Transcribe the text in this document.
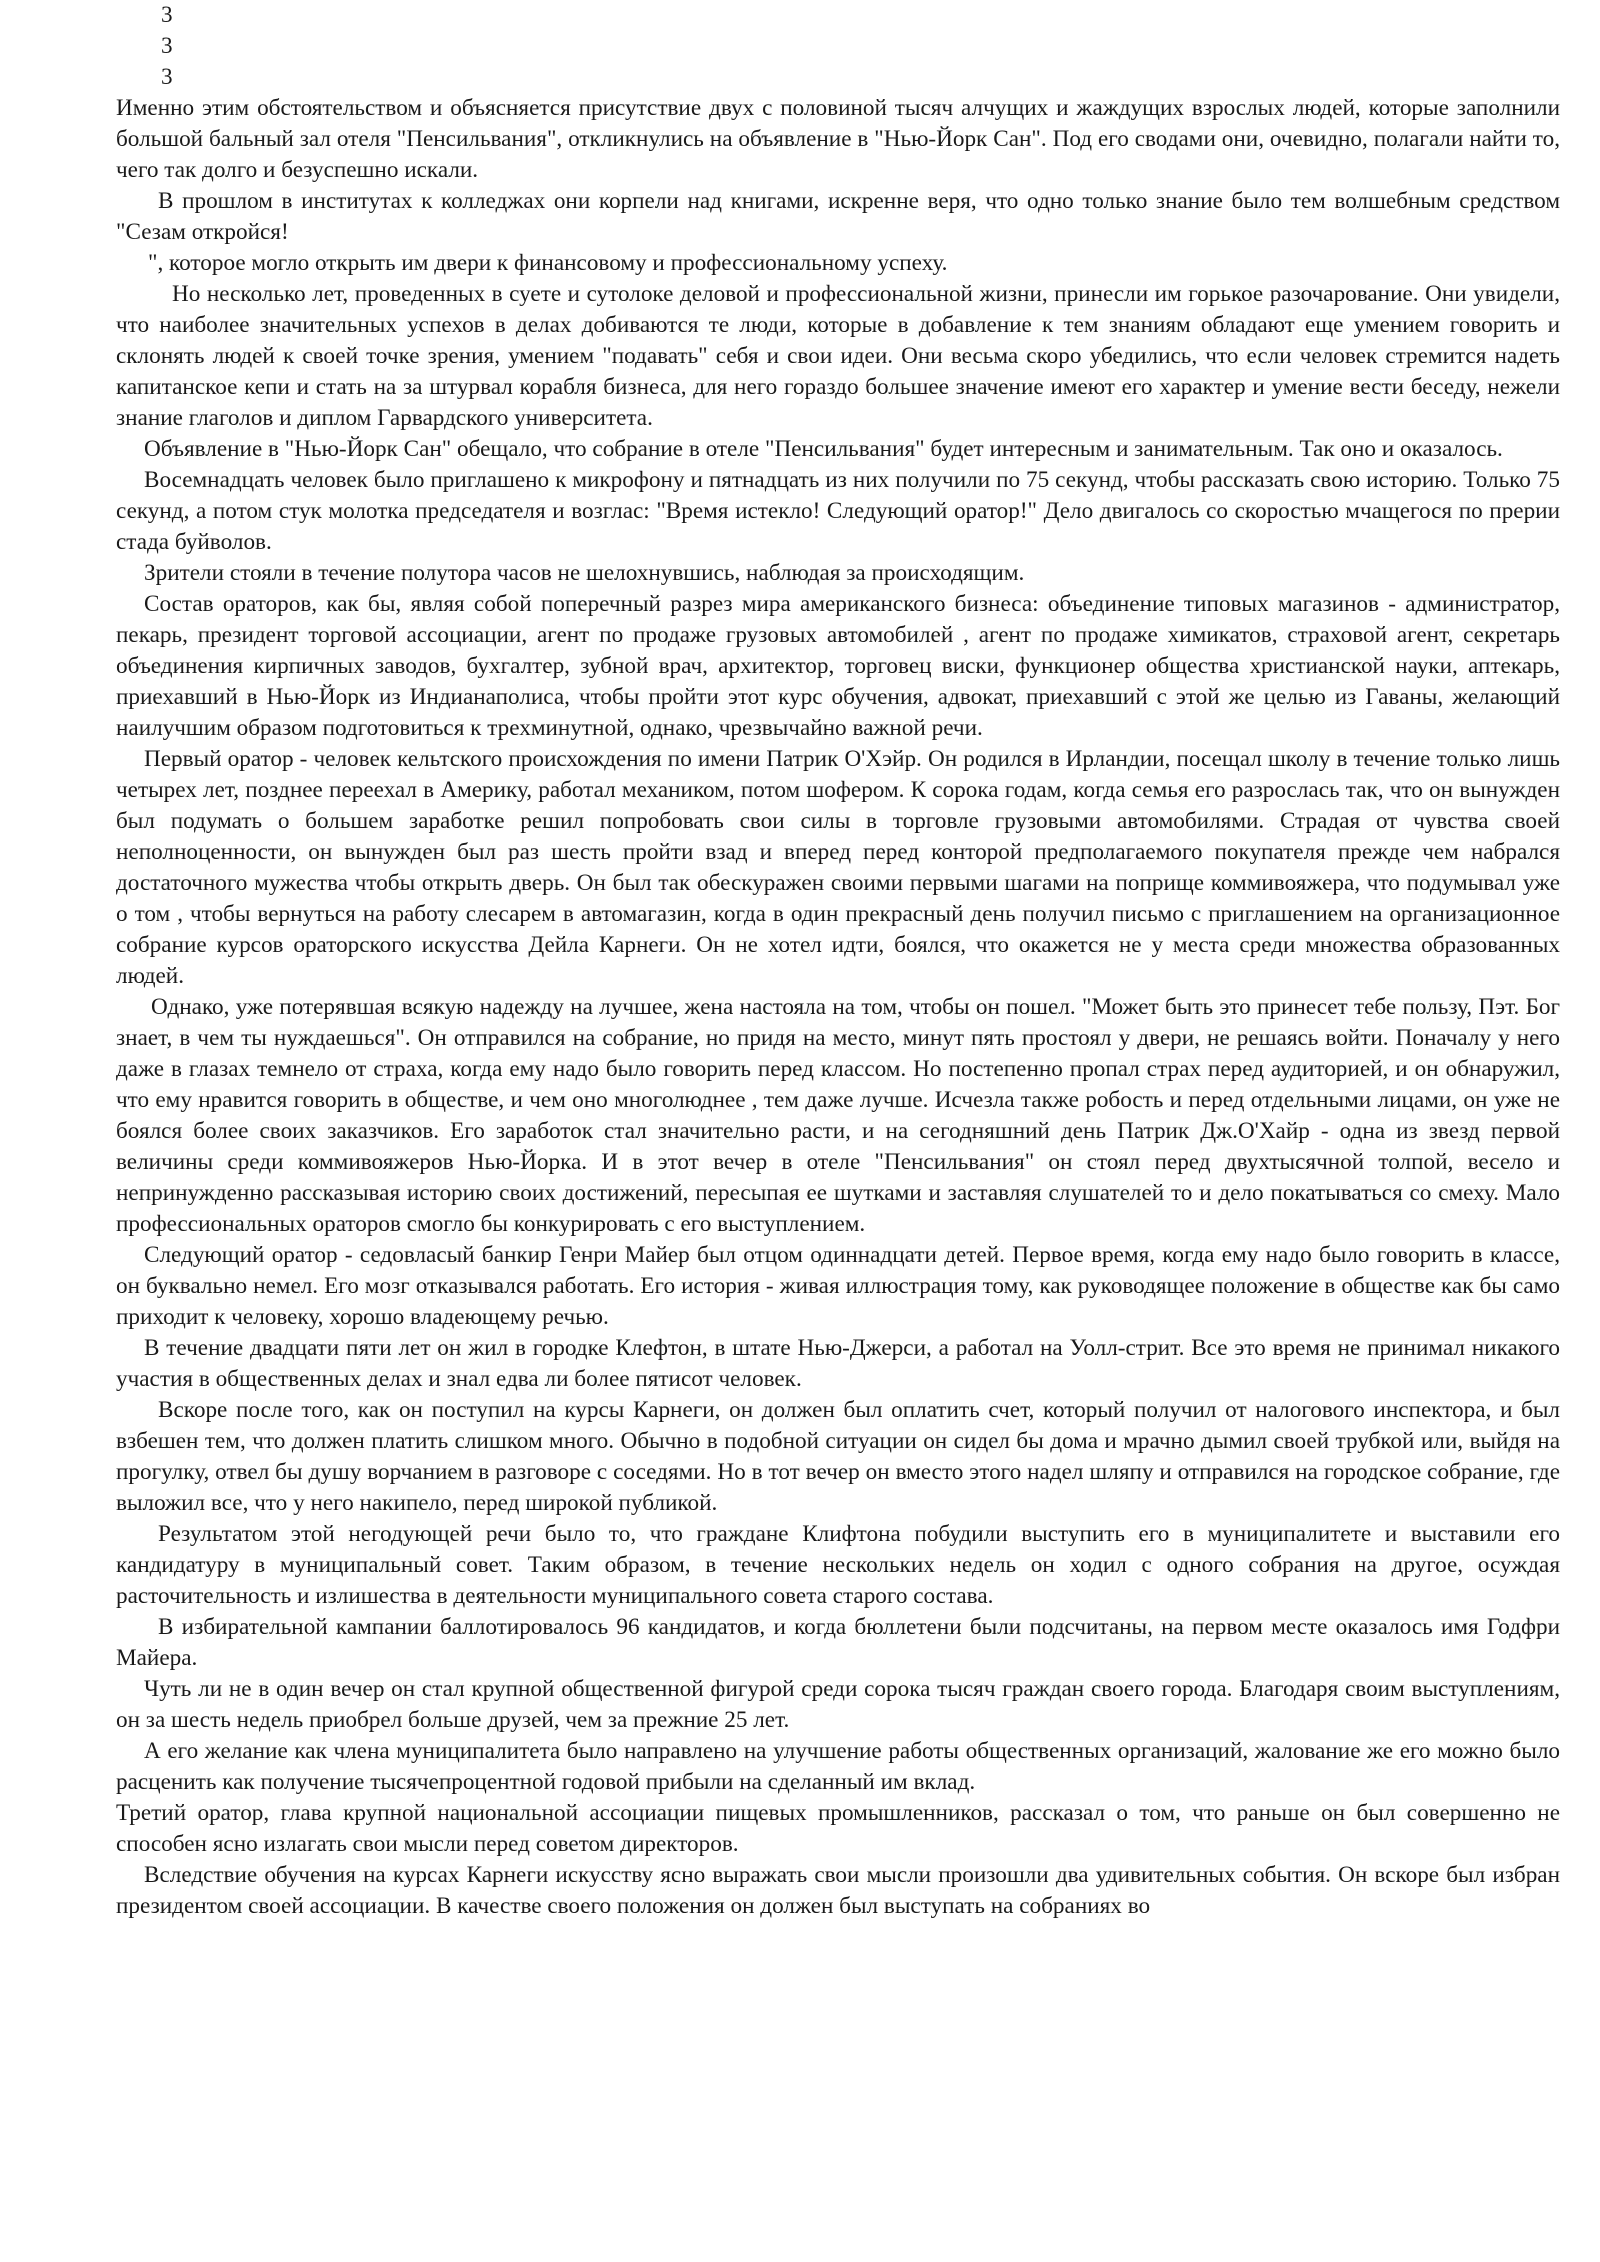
3
3
3

Именно этим обстоятельством и объясняется присутствие двух с половиной тысяч алчущих и жаждущих взрослых людей, которые заполнили большой бальный зал отеля "Пенсильвания", откликнулись на объявление в "Нью-Йорк Сан". Под его сводами они, очевидно, полагали найти то, чего так долго и безуспешно искали.

В прошлом в институтах к колледжах они корпели над книгами, искренне веря, что одно только знание было тем волшебным средством "Сезам откройся!

", которое могло открыть им двери к финансовому и профессиональному успеху.

Но несколько лет, проведенных в суете и сутолоке деловой и профессиональной жизни, принесли им горькое разочарование. Они увидели, что наиболее значительных успехов в делах добиваются те люди, которые в добавление к тем знаниям обладают еще умением говорить и склонять людей к своей точке зрения, умением "подавать" себя и свои идеи. Они весьма скоро убедились, что если человек стремится надеть капитанское кепи и стать на за штурвал корабля бизнеса, для него гораздо большее значение имеют его характер и умение вести беседу, нежели знание глаголов и диплом Гарвардского университета.

Объявление в "Нью-Йорк Сан" обещало, что собрание в отеле "Пенсильвания" будет интересным и занимательным. Так оно и оказалось.

Восемнадцать человек было приглашено к микрофону и пятнадцать из них получили по 75 секунд, чтобы рассказать свою историю. Только 75 секунд, а потом стук молотка председателя и возглас: "Время истекло! Следующий оратор!" Дело двигалось со скоростью мчащегося по прерии стада буйволов.

Зрители стояли в течение полутора часов не шелохнувшись, наблюдая за происходящим.

Состав ораторов, как бы, являя собой поперечный разрез мира американского бизнеса: объединение типовых магазинов - администратор, пекарь, президент торговой ассоциации, агент по продаже грузовых автомобилей , агент по продаже химикатов, страховой агент, секретарь объединения кирпичных заводов, бухгалтер, зубной врач, архитектор, торговец виски, функционер общества христианской науки, аптекарь, приехавший в Нью-Йорк из Индианаполиса, чтобы пройти этот курс обучения, адвокат, приехавший с этой же целью из Гаваны, желающий наилучшим образом подготовиться к трехминутной, однако, чрезвычайно важной речи.

Первый оратор - человек кельтского происхождения по имени Патрик О'Хэйр. Он родился в Ирландии, посещал школу в течение только лишь четырех лет, позднее переехал в Америку, работал механиком, потом шофером. К сорока годам, когда семья его разрослась так, что он вынужден был подумать о большем заработке решил попробовать свои силы в торговле грузовыми автомобилями. Страдая от чувства своей неполноценности, он вынужден был раз шесть пройти взад и вперед перед конторой предполагаемого покупателя прежде чем набрался достаточного мужества чтобы открыть дверь. Он был так обескуражен своими первыми шагами на поприще коммивояжера, что подумывал уже о том , чтобы вернуться на работу слесарем в автомагазин, когда в один прекрасный день получил письмо с приглашением на организационное собрание курсов ораторского искусства Дейла Карнеги. Он не хотел идти, боялся, что окажется не у места среди множества образованных людей.

Однако, уже потерявшая всякую надежду на лучшее, жена настояла на том, чтобы он пошел. "Может быть это принесет тебе пользу, Пэт. Бог знает, в чем ты нуждаешься". Он отправился на собрание, но придя на место, минут пять простоял у двери, не решаясь войти. Поначалу у него даже в глазах темнело от страха, когда ему надо было говорить перед классом. Но постепенно пропал страх перед аудиторией, и он обнаружил, что ему нравится говорить в обществе, и чем оно многолюднее , тем даже лучше. Исчезла также робость и перед отдельными лицами, он уже не боялся более своих заказчиков. Его заработок стал значительно расти, и на сегодняшний день Патрик Дж.О'Хайр - одна из звезд первой величины среди коммивояжеров Нью-Йорка. И в этот вечер в отеле "Пенсильвания" он стоял перед двухтысячной толпой, весело и непринужденно рассказывая историю своих достижений, пересыпая ее шутками и заставляя слушателей то и дело покатываться со смеху. Мало профессиональных ораторов смогло бы конкурировать с его выступлением.

Следующий оратор - седовласый банкир Генри Майер был отцом одиннадцати детей. Первое время, когда ему надо было говорить в классе, он буквально немел. Его мозг отказывался работать. Его история - живая иллюстрация тому, как руководящее положение в обществе как бы само приходит к человеку, хорошо владеющему речью.

В течение двадцати пяти лет он жил в городке Клефтон, в штате Нью-Джерси, а работал на Уолл-стрит. Все это время не принимал никакого участия в общественных делах и знал едва ли более пятисот человек.

Вскоре после того, как он поступил на курсы Карнеги, он должен был оплатить счет, который получил от налогового инспектора, и был взбешен тем, что должен платить слишком много. Обычно в подобной ситуации он сидел бы дома и мрачно дымил своей трубкой или, выйдя на прогулку, отвел бы душу ворчанием в разговоре с соседями. Но в тот вечер он вместо этого надел шляпу и отправился на городское собрание, где выложил все, что у него накипело, перед широкой публикой.

Результатом этой негодующей речи было то, что граждане Клифтона побудили выступить его в муниципалитете и выставили его кандидатуру в муниципальный совет. Таким образом, в течение нескольких недель он ходил с одного собрания на другое, осуждая расточительность и излишества в деятельности муниципального совета старого состава.

В избирательной кампании баллотировалось 96 кандидатов, и когда бюллетени были подсчитаны, на первом месте оказалось имя Годфри Майера.

Чуть ли не в один вечер он стал крупной общественной фигурой среди сорока тысяч граждан своего города. Благодаря своим выступлениям, он за шесть недель приобрел больше друзей, чем за прежние 25 лет.

А его желание как члена муниципалитета было направлено на улучшение работы общественных организаций, жалование же его можно было расценить как получение тысячепроцентной годовой прибыли на сделанный им вклад.

Третий оратор, глава крупной национальной ассоциации пищевых промышленников, рассказал о том, что раньше он был совершенно не способен ясно излагать свои мысли перед советом директоров.

Вследствие обучения на курсах Карнеги искусству ясно выражать свои мысли произошли два удивительных события. Он вскоре был избран президентом своей ассоциации. В качестве своего положения он должен был выступать на собраниях во
